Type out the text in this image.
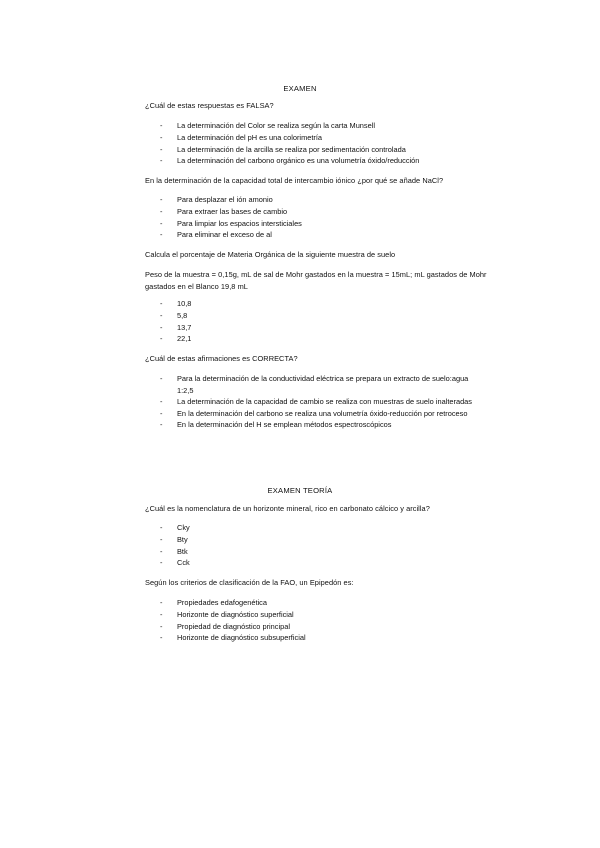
EXAMEN
¿Cuál de estas respuestas es FALSA?
- La determinación del Color se realiza según la carta Munsell
- La determinación del pH es una colorimetría
- La determinación de la arcilla se realiza por sedimentación controlada
- La determinación del carbono orgánico es una volumetría óxido/reducción
En la determinación de la capacidad total de intercambio iónico ¿por qué se añade NaCl?
- Para desplazar el ión amonio
- Para extraer las bases de cambio
- Para limpiar los espacios intersticiales
- Para eliminar el exceso de al
Calcula el porcentaje de Materia Orgánica de la siguiente muestra de suelo
Peso de la muestra = 0,15g, mL de sal de Mohr gastados en la muestra = 15mL; mL gastados de Mohr gastados en el Blanco 19,8 mL
- 10,8
- 5,8
- 13,7
- 22,1
¿Cuál de estas afirmaciones es CORRECTA?
- Para la determinación de la conductividad eléctrica se prepara un extracto de suelo:agua 1:2,5
- La determinación de la capacidad de cambio se realiza con muestras de suelo inalteradas
- En la determinación del carbono se realiza una volumetría óxido-reducción por retroceso
- En la determinación del H se emplean métodos espectroscópicos
EXAMEN TEORÍA
¿Cuál es la nomenclatura de un horizonte mineral, rico en carbonato cálcico y arcilla?
- Cky
- Bty
- Btk
- Cck
Según los criterios de clasificación de la FAO, un Epipedón es:
- Propiedades edafogenética
- Horizonte de diagnóstico superficial
- Propiedad de diagnóstico principal
- Horizonte de diagnóstico subsuperficial
